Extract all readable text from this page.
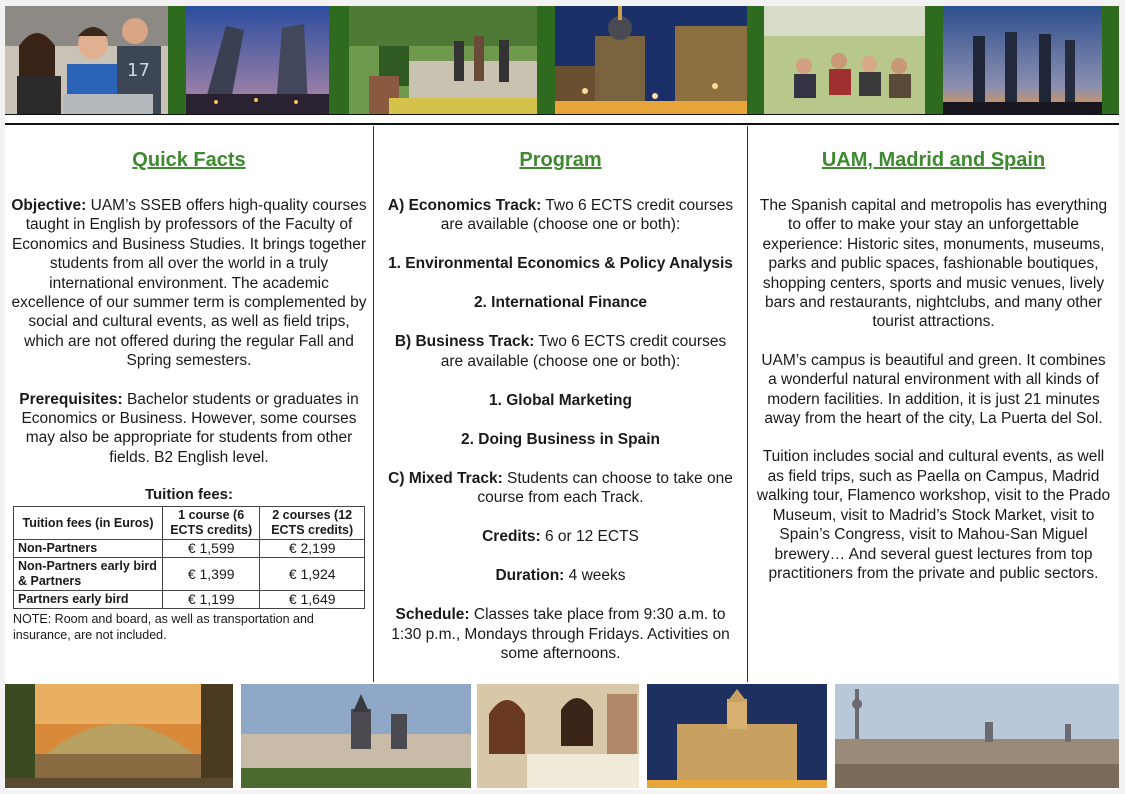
17
Quick Facts

Objective: UAM’s SSEB offers high-quality courses taught in English by professors of the Faculty of Economics and Business Studies. It brings together students from all over the world in a truly international environment. The academic excellence of our summer term is complemented by social and cultural events, as well as field trips, which are not offered during the regular Fall and Spring semesters.

Prerequisites: Bachelor students or graduates in Economics or Business. However, some courses may also be appropriate for students from other fields. B2 English level.

Tuition fees:
Tuition fees (in Euros)	1 course (6 ECTS credits)	2 courses (12 ECTS credits)
Non-Partners	€ 1,599	€ 2,199
Non-Partners early bird & Partners	€ 1,399	€ 1,924
Partners early bird	€ 1,199	€ 1,649
NOTE: Room and board, as well as transportation and insurance, are not included.
Program

A) Economics Track: Two 6 ECTS credit courses are available (choose one or both):

1. Environmental Economics & Policy Analysis

2. International Finance

B) Business Track: Two 6 ECTS credit courses are available (choose one or both):

1. Global Marketing

2. Doing Business in Spain

C) Mixed Track: Students can choose to take one course from each Track.

Credits: 6 or 12 ECTS

Duration: 4 weeks

Schedule: Classes take place from 9:30 a.m. to 1:30 p.m., Mondays through Fridays. Activities on some afternoons.

UAM, Madrid and Spain

The Spanish capital and metropolis has everything to offer to make your stay an unforgettable experience: Historic sites, monuments, museums, parks and public spaces, fashionable boutiques, shopping centers, sports and music venues, lively bars and restaurants, nightclubs, and many other tourist attractions.

UAM’s campus is beautiful and green. It combines a wonderful natural environment with all kinds of modern facilities. In addition, it is just 21 minutes away from the heart of the city, La Puerta del Sol.

Tuition includes social and cultural events, as well as field trips, such as Paella on Campus, Madrid walking tour, Flamenco workshop, visit to the Prado Museum, visit to Madrid’s Stock Market, visit to Spain’s Congress, visit to Mahou-San Miguel brewery… And several guest lectures from top practitioners from the private and public sectors.
